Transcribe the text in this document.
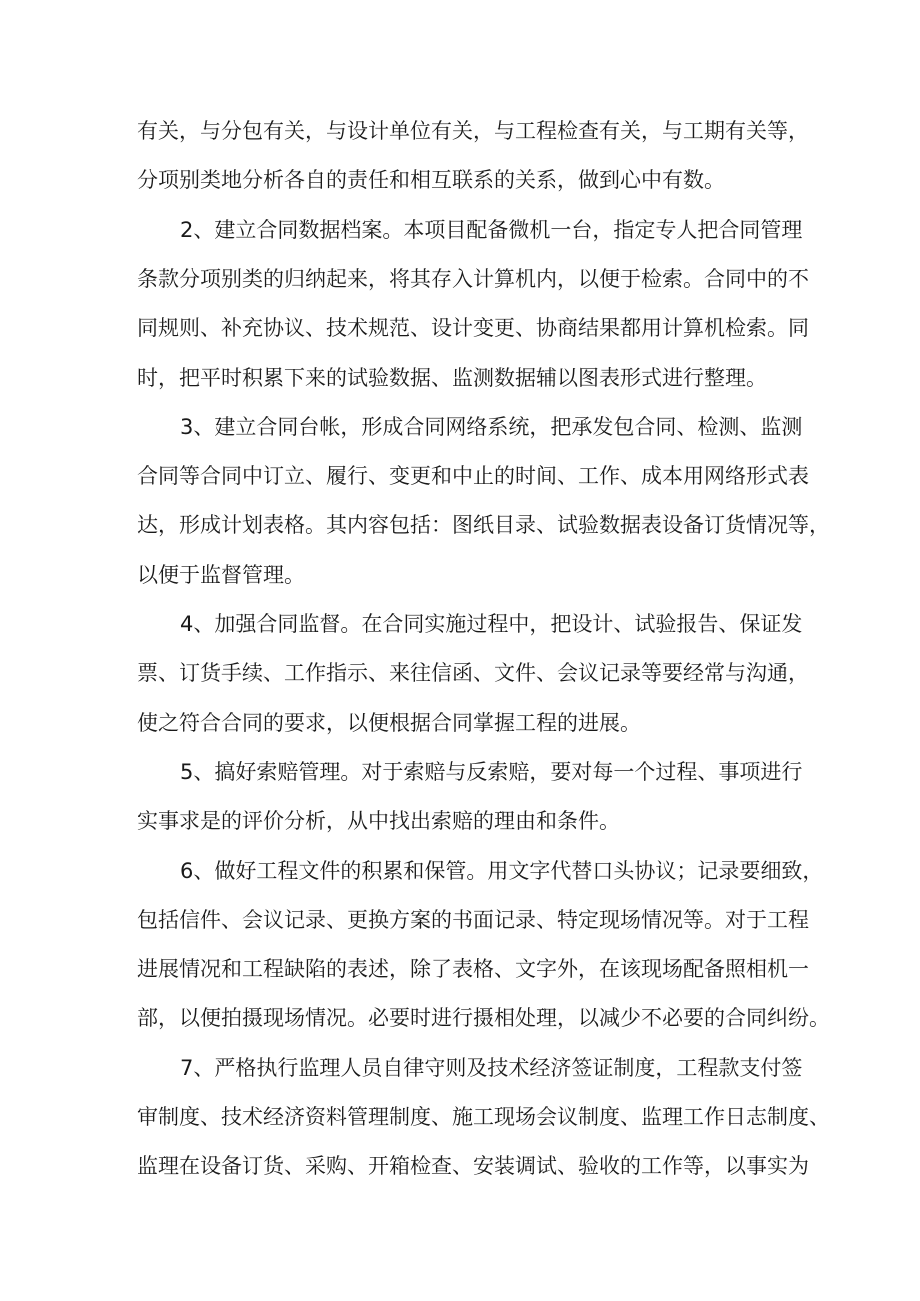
有关，与分包有关，与设计单位有关，与工程检查有关，与工期有关等，
分项别类地分析各自的责任和相互联系的关系，做到心中有数。
2、建立合同数据档案。本项目配备微机一台，指定专人把合同管理
条款分项别类的归纳起来，将其存入计算机内，以便于检索。合同中的不
同规则、补充协议、技术规范、设计变更、协商结果都用计算机检索。同
时，把平时积累下来的试验数据、监测数据辅以图表形式进行整理。
3、建立合同台帐，形成合同网络系统，把承发包合同、检测、监测
合同等合同中订立、履行、变更和中止的时间、工作、成本用网络形式表
达，形成计划表格。其内容包括：图纸目录、试验数据表设备订货情况等，
以便于监督管理。
4、加强合同监督。在合同实施过程中，把设计、试验报告、保证发
票、订货手续、工作指示、来往信函、文件、会议记录等要经常与沟通，
使之符合合同的要求，以便根据合同掌握工程的进展。
5、搞好索赔管理。对于索赔与反索赔，要对每一个过程、事项进行
实事求是的评价分析，从中找出索赔的理由和条件。
6、做好工程文件的积累和保管。用文字代替口头协议；记录要细致，
包括信件、会议记录、更换方案的书面记录、特定现场情况等。对于工程
进展情况和工程缺陷的表述，除了表格、文字外，在该现场配备照相机一
部，以便拍摄现场情况。必要时进行摄相处理，以减少不必要的合同纠纷。
7、严格执行监理人员自律守则及技术经济签证制度，工程款支付签
审制度、技术经济资料管理制度、施工现场会议制度、监理工作日志制度、
监理在设备订货、采购、开箱检查、安装调试、验收的工作等，以事实为
